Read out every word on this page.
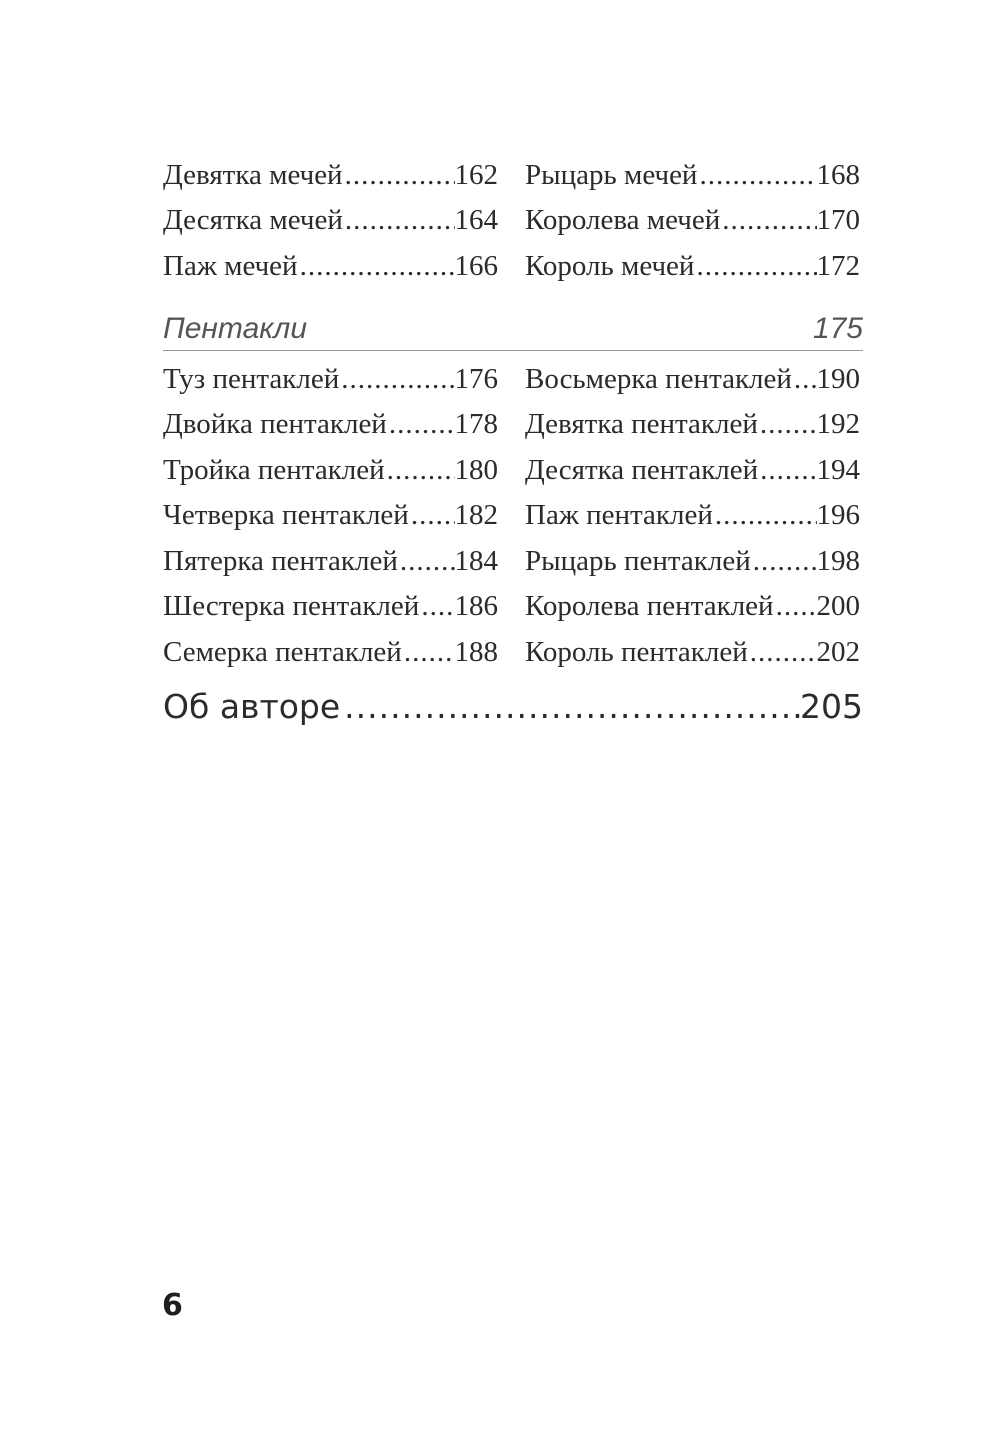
Девятка мечей .....	162
Десятка мечей .....	164
Паж мечей .....	166
Рыцарь мечей .....	168
Королева мечей .....	170
Король мечей .....	172
Пентакли	175
Туз пентаклей .....	176
Двойка пентаклей ..... 178
Тройка пентаклей ..... 180
Четверка пентаклей ..... 182
Пятерка пентаклей ..... 184
Шестерка пентаклей ..... 186
Семерка пентаклей ..... 188
Восьмерка пентаклей ..... 190
Девятка пентаклей ..... 192
Десятка пентаклей ..... 194
Паж пентаклей .....	196
Рыцарь пентаклей ..... 198
Королева пентаклей ..... 200
Король пентаклей ..... 202
Об авторе .....	205
6
